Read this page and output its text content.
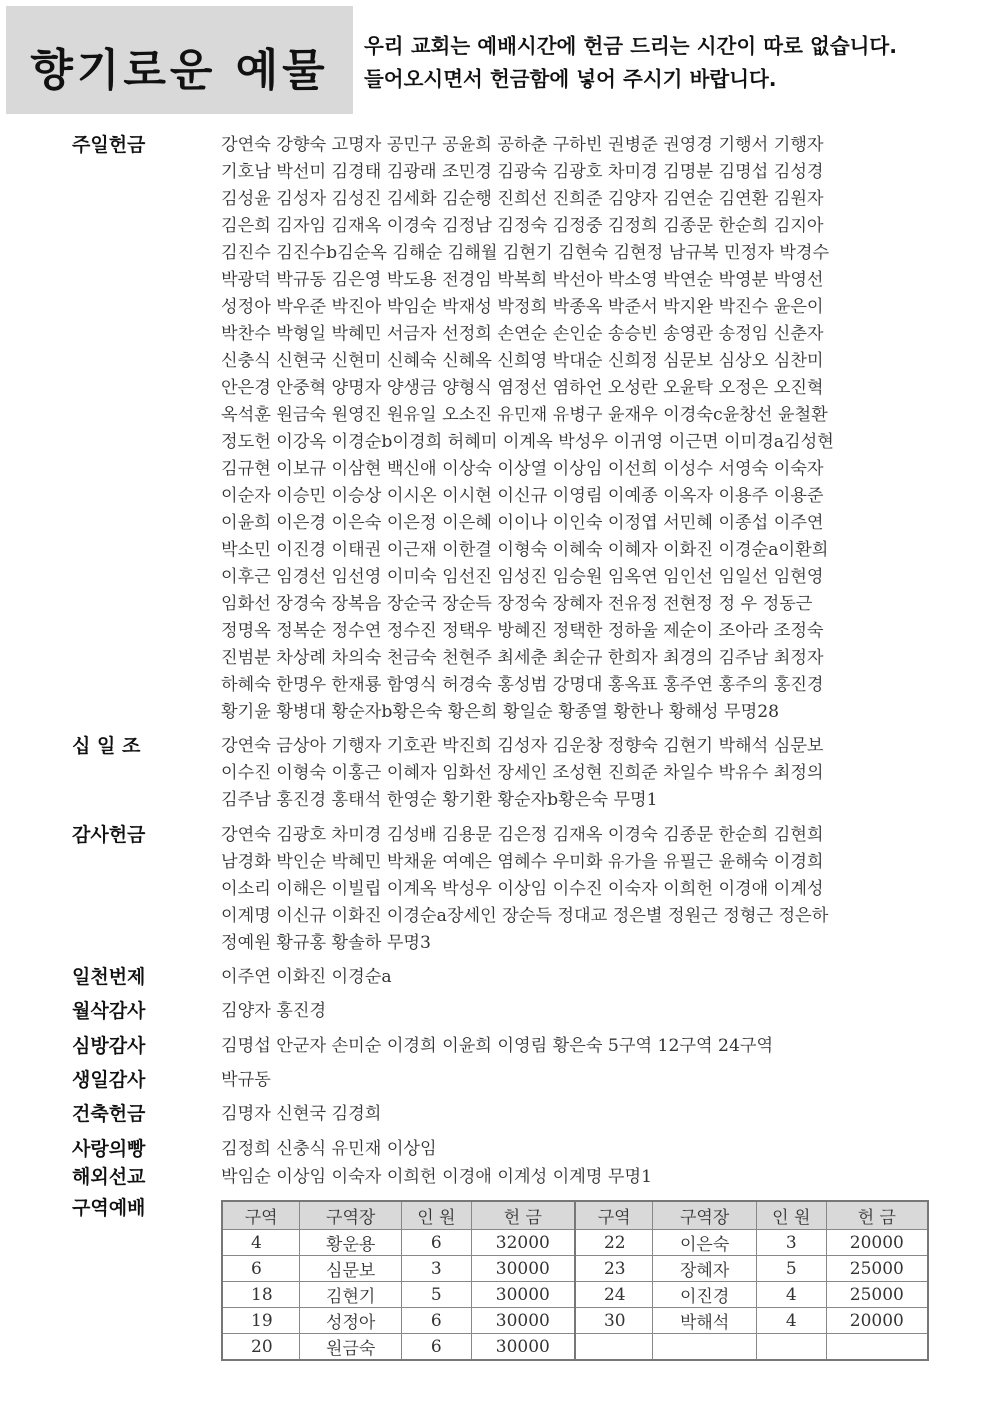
향기로운 예물	우리 교회는 예배시간에 헌금 드리는 시간이 따로 없습니다.
들어오시면서 헌금함에 넣어 주시기 바랍니다.
주일헌금	강연숙 강향숙 고명자 공민구 공윤희 공하춘 구하빈 권병준 권영경 기행서 기행자
기호남 박선미 김경태 김광래 조민경 김광숙 김광호 차미경 김명분 김명섭 김성경
김성윤 김성자 김성진 김세화 김순행 진희선 진희준 김양자 김연순 김연환 김원자
김은희 김자임 김재옥 이경숙 김정남 김정숙 김정중 김정희 김종문 한순희 김지아
김진수 김진수b김순옥 김해순 김해월 김현기 김현숙 김현정 남규복 민정자 박경수
박광덕 박규동 김은영 박도용 전경임 박복희 박선아 박소영 박연순 박영분 박영선
성정아 박우준 박진아 박임순 박재성 박정희 박종옥 박준서 박지완 박진수 윤은이
박찬수 박형일 박혜민 서금자 선정희 손연순 손인순 송승빈 송영관 송정임 신춘자
신충식 신현국 신현미 신혜숙 신혜옥 신희영 박대순 신희정 심문보 심상오 심찬미
안은경 안중혁 양명자 양생금 양형식 염정선 염하언 오성란 오윤탁 오정은 오진혁
옥석훈 원금숙 원영진 원유일 오소진 유민재 유병구 윤재우 이경숙c윤창선 윤철환
정도헌 이강옥 이경순b이경희 허혜미 이계옥 박성우 이귀영 이근면 이미경a김성현
김규현 이보규 이삼현 백신애 이상숙 이상열 이상임 이선희 이성수 서영숙 이숙자
이순자 이승민 이승상 이시온 이시현 이신규 이영림 이예종 이옥자 이용주 이용준
이윤희 이은경 이은숙 이은정 이은혜 이이나 이인숙 이정엽 서민혜 이종섭 이주연
박소민 이진경 이태권 이근재 이한결 이형숙 이혜숙 이혜자 이화진 이경순a이환희
이후근 임경선 임선영 이미숙 임선진 임성진 임승원 임옥연 임인선 임일선 임현영
임화선 장경숙 장복음 장순국 장순득 장정숙 장혜자 전유정 전현정 정 우 정동근
정명옥 정복순 정수연 정수진 정택우 방혜진 정택한 정하울 제순이 조아라 조정숙
진범분 차상례 차의숙 천금숙 천현주 최세춘 최순규 한희자 최경의 김주남 최정자
하혜숙 한명우 한재룡 함영식 허경숙 홍성범 강명대 홍옥표 홍주연 홍주의 홍진경
황기윤 황병대 황순자b황은숙 황은희 황일순 황종열 황한나 황해성 무명28
십 일 조	강연숙 금상아 기행자 기호관 박진희 김성자 김운창 정향숙 김현기 박해석 심문보
이수진 이형숙 이홍근 이혜자 임화선 장세인 조성현 진희준 차일수 박유수 최정의
김주남 홍진경 홍태석 한영순 황기환 황순자b황은숙 무명1
감사헌금	강연숙 김광호 차미경 김성배 김용문 김은정 김재옥 이경숙 김종문 한순희 김현희
남경화 박인순 박혜민 박채윤 여예은 염혜수 우미화 유가을 유필근 윤해숙 이경희
이소리 이해은 이빌립 이계옥 박성우 이상임 이수진 이숙자 이희헌 이경애 이계성
이계명 이신규 이화진 이경순a장세인 장순득 정대교 정은별 정원근 정형근 정은하
정예원 황규홍 황솔하 무명3
일천번제	이주연 이화진 이경순a
월삭감사	김양자 홍진경
심방감사	김명섭 안군자 손미순 이경희 이윤희 이영림 황은숙 5구역 12구역 24구역
생일감사	박규동
건축헌금	김명자 신현국 김경희
사랑의빵	김정희 신충식 유민재 이상임
해외선교	박임순 이상임 이숙자 이희헌 이경애 이계성 이계명 무명1
구역예배	구역	구역장	인 원	헌 금	구역	구역장	인 원	헌 금
4	황운용	6	32000	22	이은숙	3	20000
6	심문보	3	30000	23	장혜자	5	25000
18	김현기	5	30000	24	이진경	4	25000
19	성정아	6	30000	30	박해석	4	20000
20	원금숙	6	30000				
